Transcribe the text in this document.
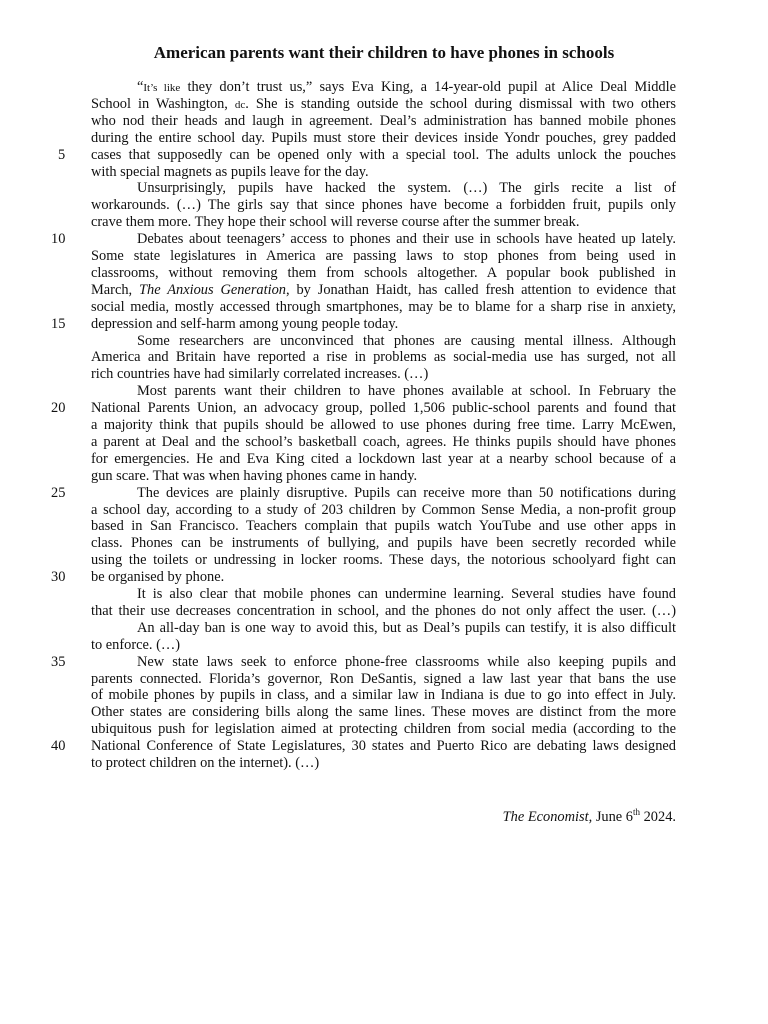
American parents want their children to have phones in schools
“It’s like they don’t trust us,” says Eva King, a 14-year-old pupil at Alice Deal Middle
School in Washington, dc. She is standing outside the school during dismissal with two others
who nod their heads and laugh in agreement. Deal’s administration has banned mobile phones
during the entire school day. Pupils must store their devices inside Yondr pouches, grey padded
cases that supposedly can be opened only with a special tool. The adults unlock the pouches
5
with special magnets as pupils leave for the day.
Unsurprisingly, pupils have hacked the system. (…) The girls recite a list of
workarounds. (…) The girls say that since phones have become a forbidden fruit, pupils only
crave them more. They hope their school will reverse course after the summer break.
Debates about teenagers’ access to phones and their use in schools have heated up lately.
10
Some state legislatures in America are passing laws to stop phones from being used in
classrooms, without removing them from schools altogether. A popular book published in
March, The Anxious Generation, by Jonathan Haidt, has called fresh attention to evidence that
social media, mostly accessed through smartphones, may be to blame for a sharp rise in anxiety,
depression and self-harm among young people today.
15
Some researchers are unconvinced that phones are causing mental illness. Although
America and Britain have reported a rise in problems as social-media use has surged, not all
rich countries have had similarly correlated increases. (…)
Most parents want their children to have phones available at school. In February the
National Parents Union, an advocacy group, polled 1,506 public-school parents and found that
20
a majority think that pupils should be allowed to use phones during free time. Larry McEwen,
a parent at Deal and the school’s basketball coach, agrees. He thinks pupils should have phones
for emergencies. He and Eva King cited a lockdown last year at a nearby school because of a
gun scare. That was when having phones came in handy.
The devices are plainly disruptive. Pupils can receive more than 50 notifications during
25
a school day, according to a study of 203 children by Common Sense Media, a non-profit group
based in San Francisco. Teachers complain that pupils watch YouTube and use other apps in
class. Phones can be instruments of bullying, and pupils have been secretly recorded while
using the toilets or undressing in locker rooms. These days, the notorious schoolyard fight can
be organised by phone.
30
It is also clear that mobile phones can undermine learning. Several studies have found
that their use decreases concentration in school, and the phones do not only affect the user. (…)
An all-day ban is one way to avoid this, but as Deal’s pupils can testify, it is also difficult
to enforce. (…)
New state laws seek to enforce phone-free classrooms while also keeping pupils and
35
parents connected. Florida’s governor, Ron DeSantis, signed a law last year that bans the use
of mobile phones by pupils in class, and a similar law in Indiana is due to go into effect in July.
Other states are considering bills along the same lines. These moves are distinct from the more
ubiquitous push for legislation aimed at protecting children from social media (according to the
National Conference of State Legislatures, 30 states and Puerto Rico are debating laws designed
40
to protect children on the internet). (…)
The Economist, June 6th 2024.
